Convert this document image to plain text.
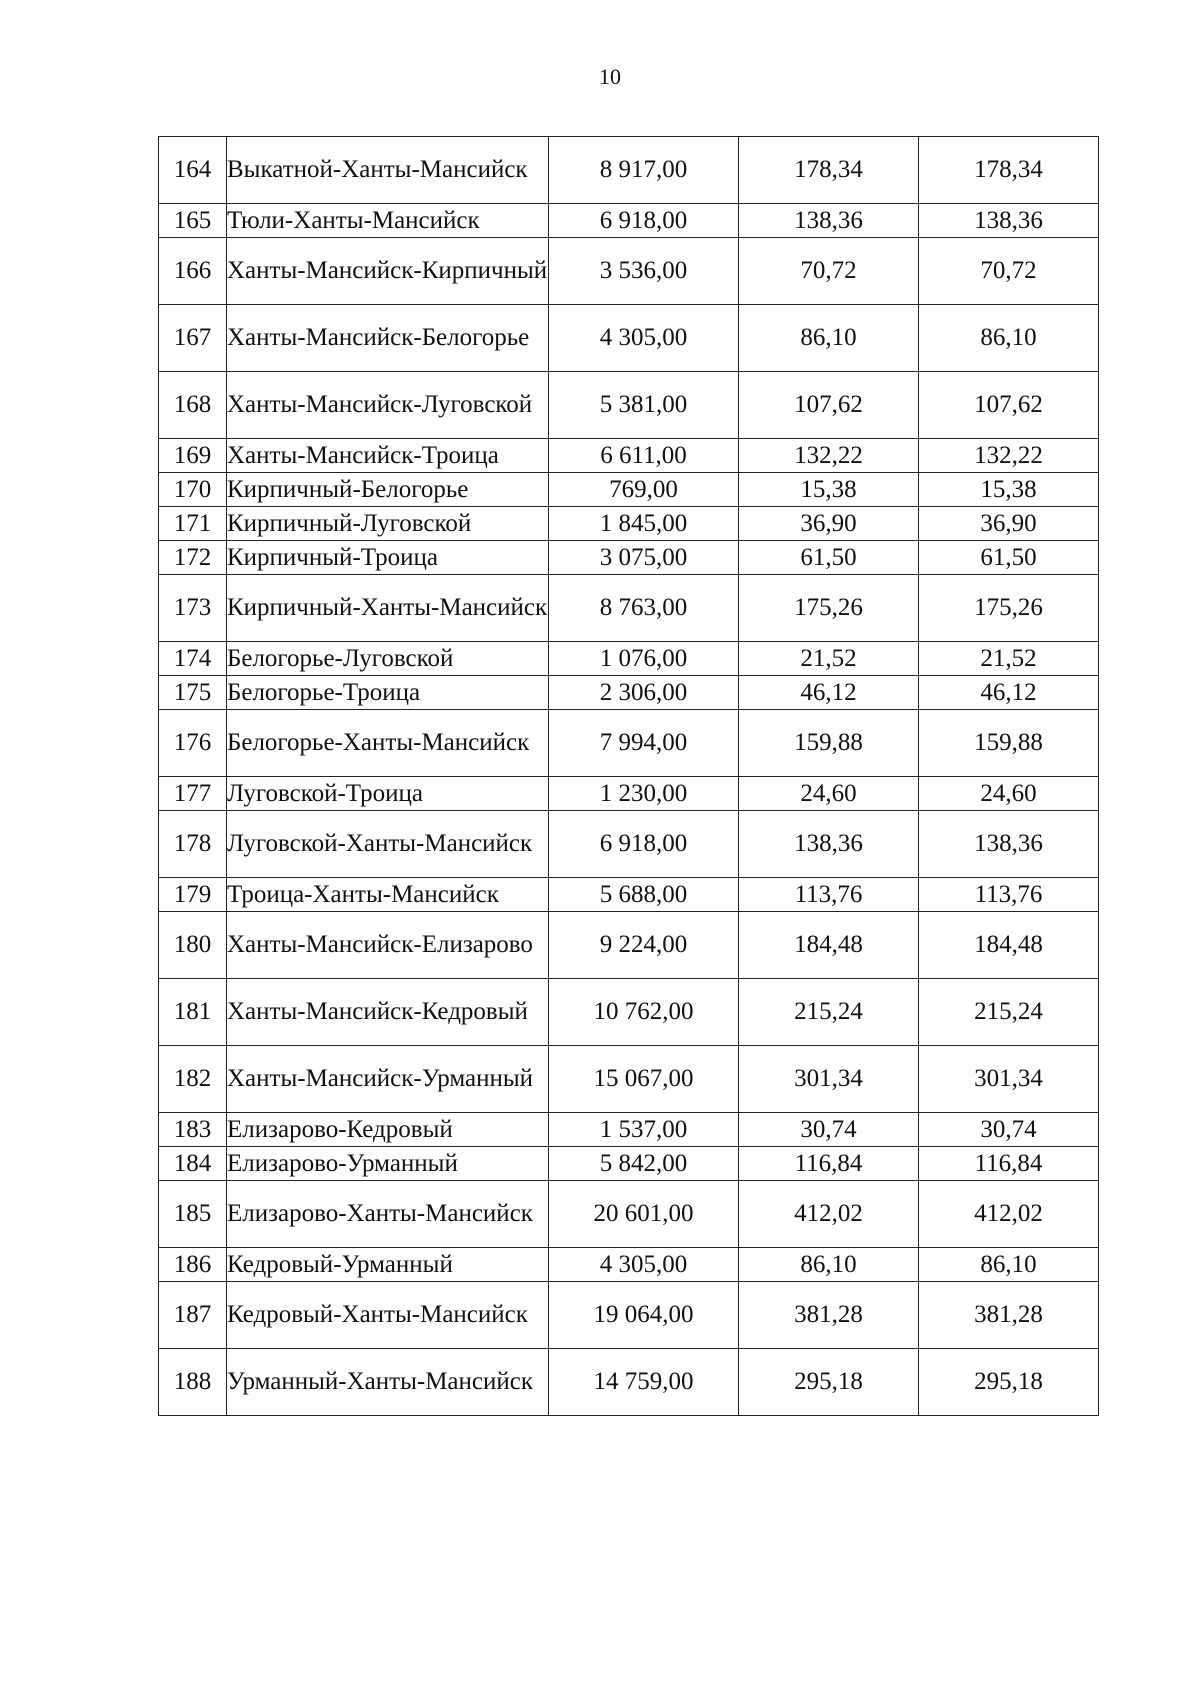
10
164	Выкатной-Ханты-Мансийск	8 917,00	178,34	178,34
165	Тюли-Ханты-Мансийск	6 918,00	138,36	138,36
166	Ханты-Мансийск-Кирпичный	3 536,00	70,72	70,72
167	Ханты-Мансийск-Белогорье	4 305,00	86,10	86,10
168	Ханты-Мансийск-Луговской	5 381,00	107,62	107,62
169	Ханты-Мансийск-Троица	6 611,00	132,22	132,22
170	Кирпичный-Белогорье	769,00	15,38	15,38
171	Кирпичный-Луговской	1 845,00	36,90	36,90
172	Кирпичный-Троица	3 075,00	61,50	61,50
173	Кирпичный-Ханты-Мансийск	8 763,00	175,26	175,26
174	Белогорье-Луговской	1 076,00	21,52	21,52
175	Белогорье-Троица	2 306,00	46,12	46,12
176	Белогорье-Ханты-Мансийск	7 994,00	159,88	159,88
177	Луговской-Троица	1 230,00	24,60	24,60
178	Луговской-Ханты-Мансийск	6 918,00	138,36	138,36
179	Троица-Ханты-Мансийск	5 688,00	113,76	113,76
180	Ханты-Мансийск-Елизарово	9 224,00	184,48	184,48
181	Ханты-Мансийск-Кедровый	10 762,00	215,24	215,24
182	Ханты-Мансийск-Урманный	15 067,00	301,34	301,34
183	Елизарово-Кедровый	1 537,00	30,74	30,74
184	Елизарово-Урманный	5 842,00	116,84	116,84
185	Елизарово-Ханты-Мансийск	20 601,00	412,02	412,02
186	Кедровый-Урманный	4 305,00	86,10	86,10
187	Кедровый-Ханты-Мансийск	19 064,00	381,28	381,28
188	Урманный-Ханты-Мансийск	14 759,00	295,18	295,18
